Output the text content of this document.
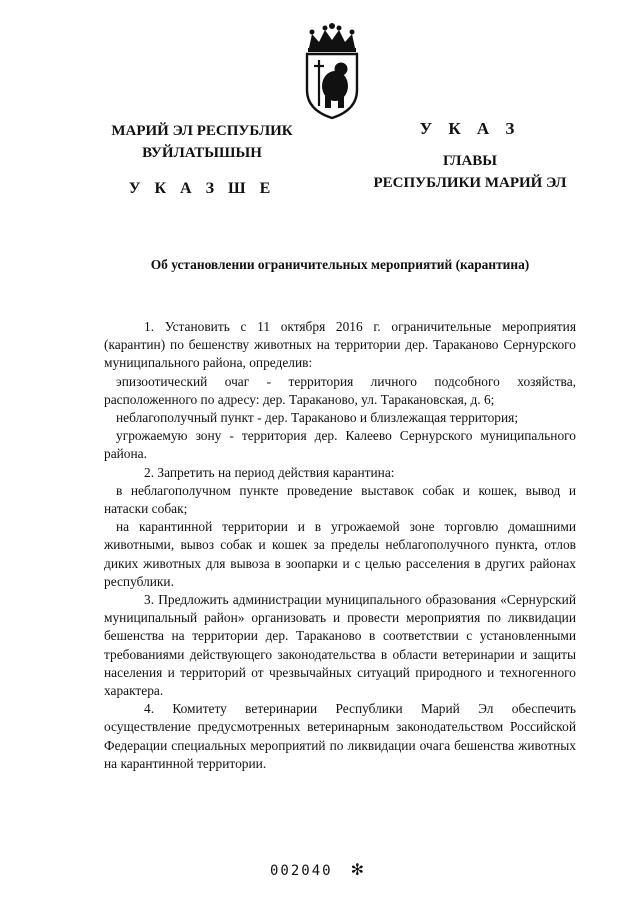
МАРИЙ ЭЛ РЕСПУБЛИК
ВУЙЛАТЫШЫН
У К А З Ш Е
У К А З
ГЛАВЫ
РЕСПУБЛИКИ МАРИЙ ЭЛ
Об установлении ограничительных мероприятий (карантина)

1. Установить с 11 октября 2016 г. ограничительные мероприятия (карантин) по бешенству животных на территории дер. Тараканово Сернурского муниципального района, определив:

эпизоотический очаг - территория личного подсобного хозяйства, расположенного по адресу: дер. Тараканово, ул. Таракановская, д. 6;

неблагополучный пункт - дер. Тараканово и близлежащая территория;

угрожаемую зону - территория дер. Калеево Сернурского муниципального района.

2. Запретить на период действия карантина:

в неблагополучном пункте проведение выставок собак и кошек, вывод и натаски собак;

на карантинной территории и в угрожаемой зоне торговлю домашними животными, вывоз собак и кошек за пределы неблагополучного пункта, отлов диких животных для вывоза в зоопарки и с целью расселения в других районах республики.

3. Предложить администрации муниципального образования «Сернурский муниципальный район» организовать и провести мероприятия по ликвидации бешенства на территории дер. Тараканово в соответствии с установленными требованиями действующего законодательства в области ветеринарии и защиты населения и территорий от чрезвычайных ситуаций природного и техногенного характера.

4. Комитету ветеринарии Республики Марий Эл обеспечить осуществление предусмотренных ветеринарным законодательством Российской Федерации специальных мероприятий по ликвидации очага бешенства животных на карантинной территории.

002040 ✻
